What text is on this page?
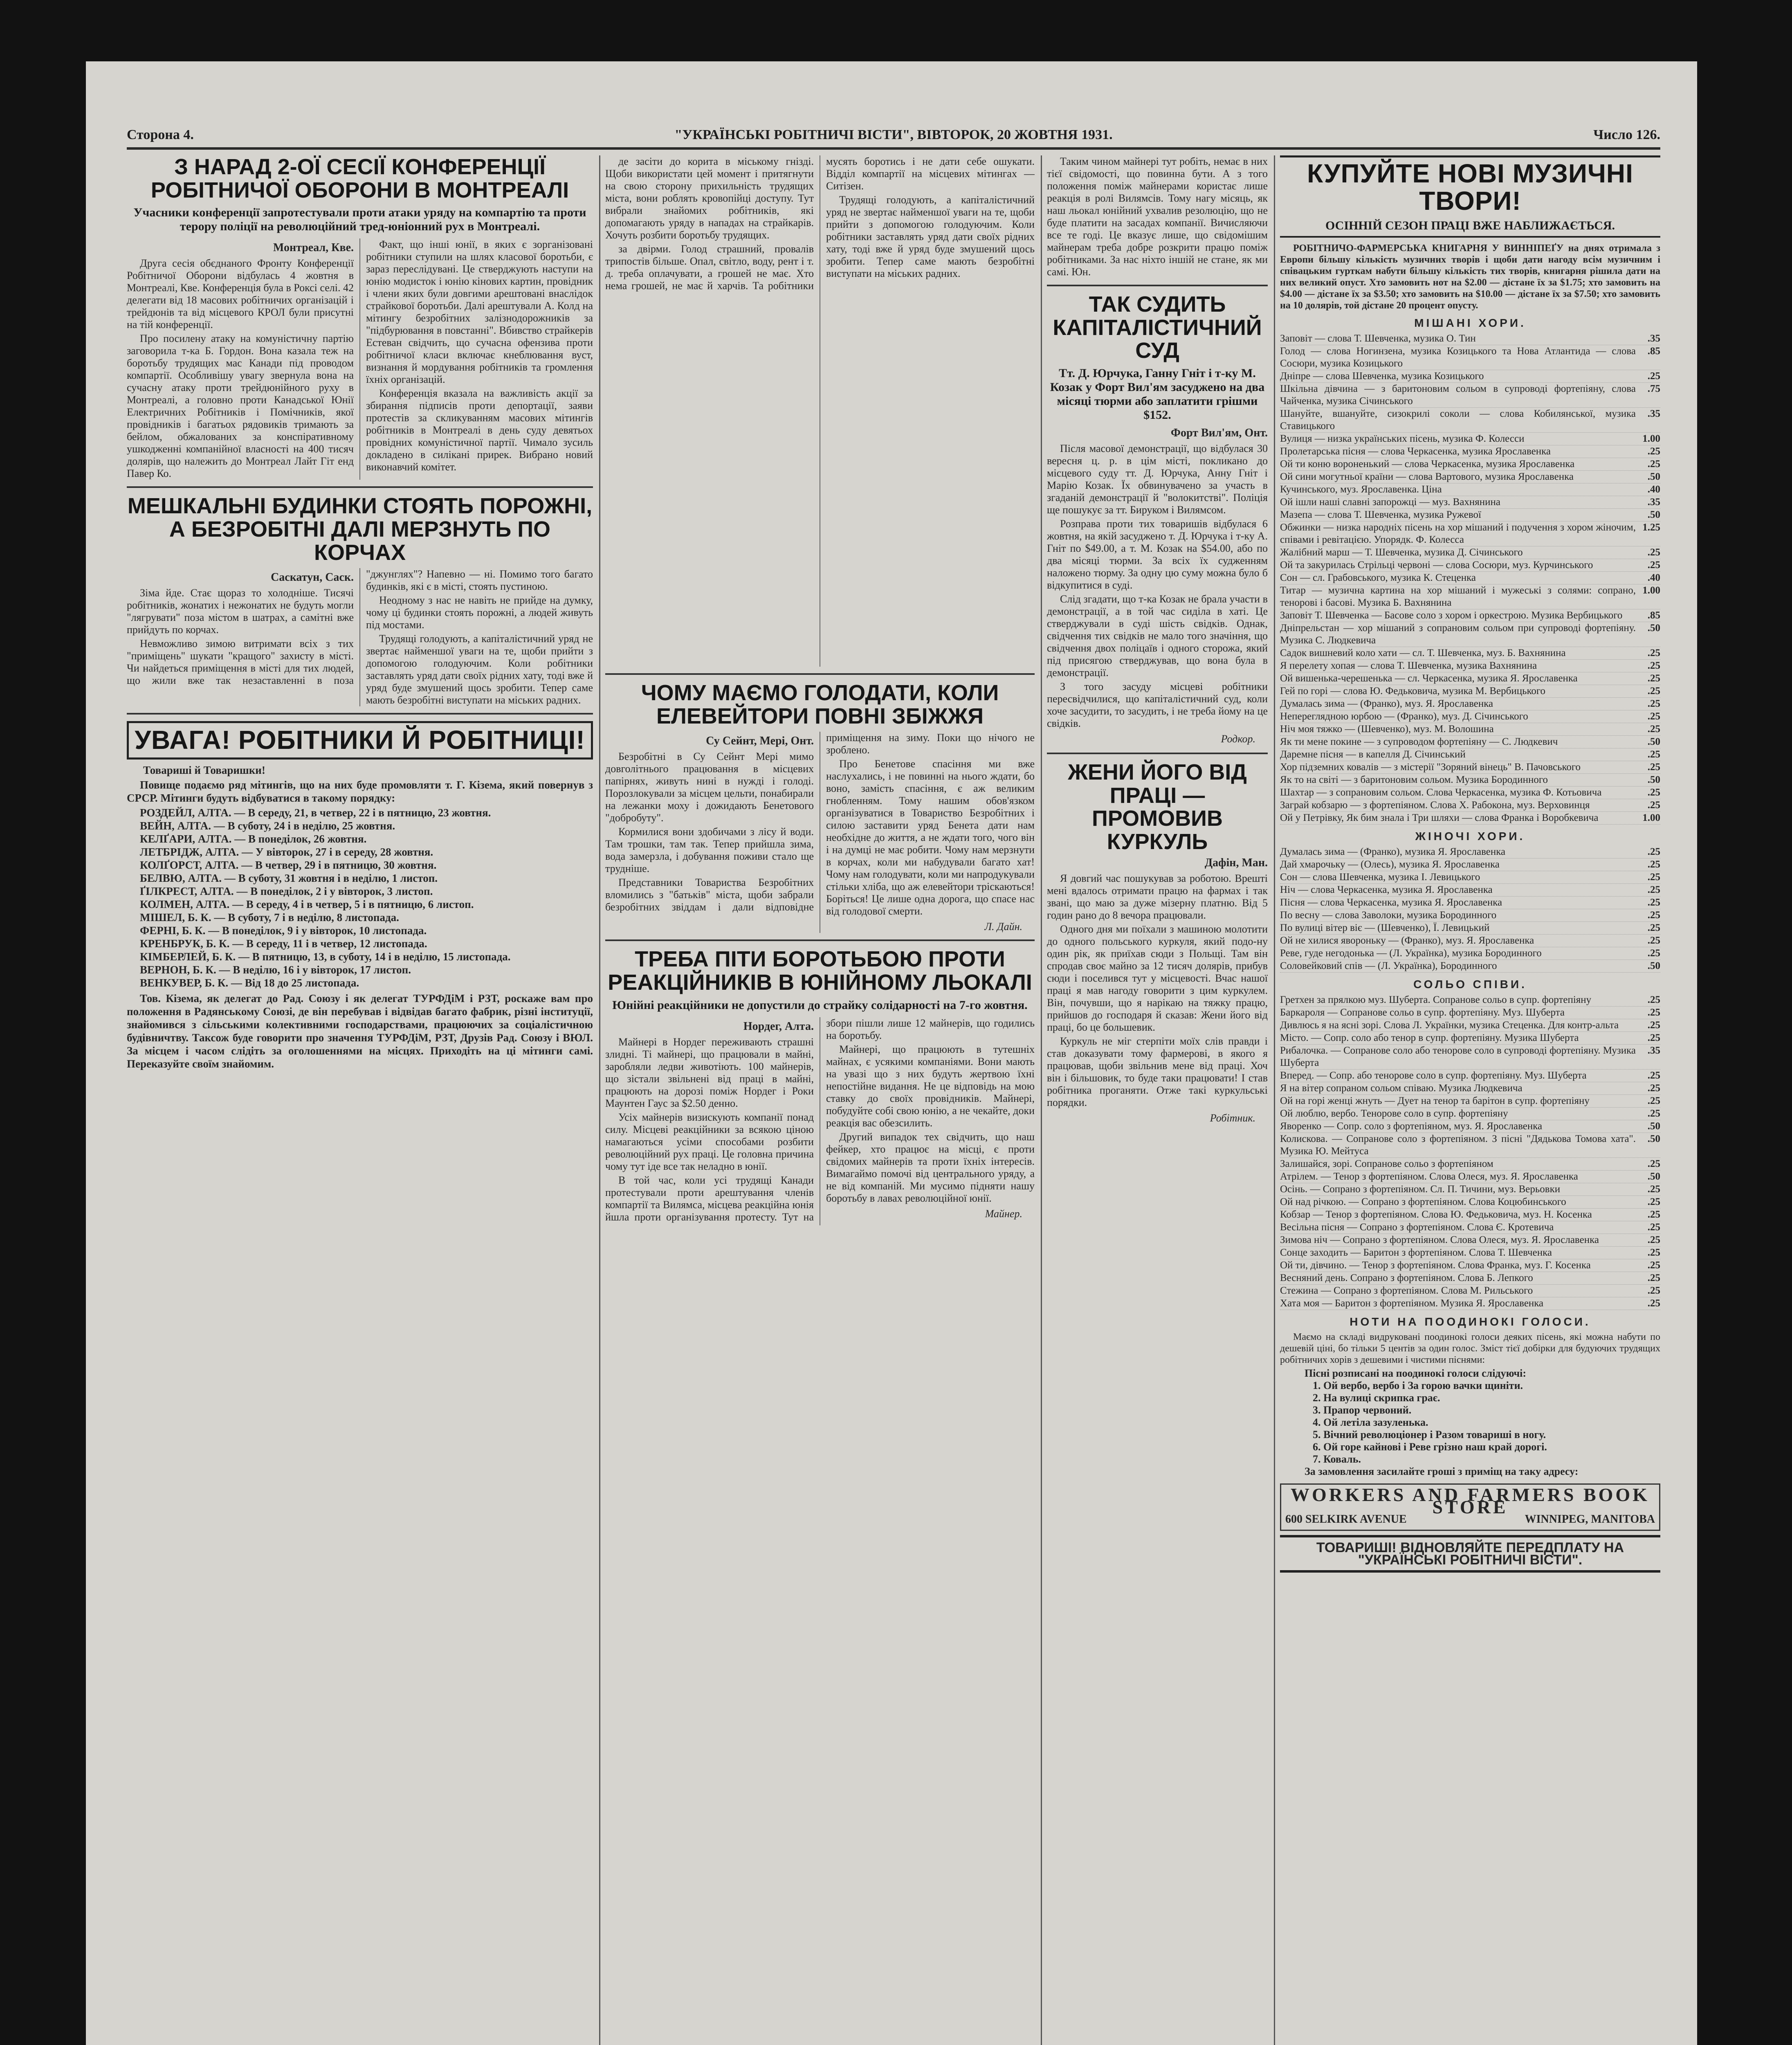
Сторона 4.	"УКРАЇНСЬКІ РОБІТНИЧІ ВІСТИ", ВІВТОРОК, 20 ЖОВТНЯ 1931.	Число 126.
З НАРАД 2-ОЇ СЕСІЇ КОНФЕРЕНЦІЇ РОБІТНИЧОЇ ОБОРОНИ В МОНТРЕАЛІ
Учасники конференції запротестували проти атаки уряду на компартію та проти терору поліції на революційний тред-юніонний рух в Монтреалі.
Монтреал, Кве.

Друга сесія обєднаного Фронту Конференції Робітничої Оборони відбулась 4 жовтня в Монтреалі, Кве. Конференція була в Роксі селі. 42 делегати від 18 масових робітничих організацій і трейдюнів та від місцевого КРОЛ були присутні на тій конференції.

Про посилену атаку на комуністичну партію заговорила т-ка Б. Гордон. Вона казала теж на боротьбу трудящих мас Канади під проводом компартії. Особливішу увагу звернула вона на сучасну атаку проти трейдюнійного руху в Монтреалі, а головно проти Канадської Юнії Електричних Робітників і Помічників, якої провідників і багатьох рядовиків тримають за бейлом, обжалованих за конспіративному ушкодженні компанійної власності на 400 тисяч долярів, що належить до Монтреал Лайт Гіт енд Павер Ко.

Факт, що інші юнії, в яких є зорганізовані робітники ступили на шлях класової боротьби, є зараз переслідувані. Це стверджують наступи на юнію модисток і юнію кінових картин, провідник і члени яких були довгими арештовані внаслідок страйкової боротьби. Далі арештували А. Колд на мітингу безробітних залізнодорожників за "підбурювання в повстанні". Вбивство страйкерів Естеван свідчить, що сучасна офензива проти робітничої класи включає кнеблювання вуст, визнання й мордування робітників та громлення їхніх організацій.

Конференція вказала на важливість акції за збирання підписів проти депортації, заяви протестів за скликуванням масових мітингів робітників в Монтреалі в день суду девятьох провідних комуністичної партії. Чимало зусиль докладено в силікані прирек. Вибрано новий виконавчий комітет.

МЕШКАЛЬНІ БУДИНКИ СТОЯТЬ ПОРОЖНІ, А БЕЗРОБІТНІ ДАЛІ МЕРЗНУТЬ ПО КОРЧАХ
Саскатун, Саск.

Зіма йде. Стає щораз то холодніше. Тисячі робітників, жонатих і нежонатих не будуть могли "лягрувати" поза містом в шатрах, а самітні вже прийдуть по корчах.

Невможливо зимою витримати всіх з тих "приміщень" шукати "кращого" захисту в місті. Чи найдеться приміщення в місті для тих людей, що жили вже так незаставленні в поза "джунглях"? Напевно — ні. Помимо того багато будинків, які є в місті, стоять пустиною.

Неодному з нас не навіть не прийде на думку, чому ці будинки стоять порожні, а людей живуть під мостами.

Трудящі голодують, а капіталістичний уряд не звертає найменшої уваги на те, щоби прийти з допомогою голодуючим. Коли робітники заставлять уряд дати своїх рідних хату, тоді вже й уряд буде змушений щось зробити. Тепер саме мають безробітні виступати на міських радних.

УВАГА! РОБІТНИКИ Й РОБІТНИЦІ!
Товариші й Товаришки!

Повище подаємо ряд мітингів, що на них буде промовляти т. Г. Кізема, який повернув з СРСР. Мітинги будуть відбуватися в такому порядку:

РОЗДЕЙЛ, АЛТА. — В середу, 21, в четвер, 22 і в пятницю, 23 жовтня.
ВЕЙН, АЛТА. — В суботу, 24 і в неділю, 25 жовтня.
КЕЛҐАРИ, АЛТА. — В понеділок, 26 жовтня.
ЛЕТБРІДЖ, АЛТА. — У вівторок, 27 і в середу, 28 жовтня.
КОЛҐОРСТ, АЛТА. — В четвер, 29 і в пятницю, 30 жовтня.
БЕЛВЮ, АЛТА. — В суботу, 31 жовтня і в неділю, 1 листоп.
ҐІЛКРЕСТ, АЛТА. — В понеділок, 2 і у вівторок, 3 листоп.
КОЛМЕН, АЛТА. — В середу, 4 і в четвер, 5 і в пятницю, 6 листоп.
МІШЕЛ, Б. К. — В суботу, 7 і в неділю, 8 листопада.
ФЕРНІ, Б. К. — В понеділок, 9 і у вівторок, 10 листопада.
КРЕНБРУК, Б. К. — В середу, 11 і в четвер, 12 листопада.
КІМБЕРЛЕЙ, Б. К. — В пятницю, 13, в суботу, 14 і в неділю, 15 листопада.
ВЕРНОН, Б. К. — В неділю, 16 і у вівторок, 17 листоп.
ВЕНКУВЕР, Б. К. — Від 18 до 25 листопада.

Тов. Кізема, як делегат до Рад. Союзу і як делегат ТУРФДіМ і РЗТ, роскаже вам про положення в Радянському Союзі, де він перебував і відвідав багато фабрик, різні інституції, знайомився з сільськими колективними господарствами, працюючих за соціалістичною будівничтву. Таксож буде говорити про значення ТУРФДіМ, РЗТ, Друзів Рад. Союзу і ВЮЛ. За місцем і часом слідіть за оголошеннями на місцях. Приходіть на ці мітинги самі. Переказуйте своїм знайомим.

де засіти до корита в міському гнізді. Щоби використати цей момент і притягнути на свою сторону прихильність трудящих міста, вони роблять кровопійці доступу. Тут вибрали знайомих робітників, які допомагають уряду в нападах на страйкарів. Хочуть розбити боротьбу трудящих.

за двірми. Голод страшний, провалів трипостів більше. Опал, світло, воду, рент і т. д. треба оплачувати, а грошей не має. Хто нема грошей, не має й харчів. Та робітники мусять боротись і не дати себе ошукати. Відділ компартії на місцевих мітингах — Ситізен.

Трудящі голодують, а капіталістичний уряд не звертає найменшої уваги на те, щоби прийти з допомогою голодуючим. Коли робітники заставлять уряд дати своїх рідних хату, тоді вже й уряд буде змушений щось зробити. Тепер саме мають безробітні виступати на міських радних.

ЧОМУ МАЄМО ГОЛОДАТИ, КОЛИ ЕЛЕВЕЙТОРИ ПОВНІ ЗБІЖЖЯ
Су Сейнт, Мері, Онт.

Безробітні в Су Сейнт Мері мимо довголітнього працювання в місцевих папірнях, живуть нині в нужді і голоді. Порозлокували за місцем цельти, понабирали на лежанки моху і дожидають Бенетового "добробуту".

Кормилися вони здобичами з лісу й води. Там трошки, там так. Тепер прийшла зима, вода замерзла, і добування поживи стало ще трудніше.

Представники Товариства Безробітних вломились з "батьків" міста, щоби забрали безробітних звіддам і дали відповідне приміщення на зиму. Поки що нічого не зроблено.

Про Бенетове спасіння ми вже наслухались, і не повинні на нього ждати, бо воно, замість спасіння, є аж великим гнобленням. Тому нашим обов'язком організуватися в Товариство Безробітних і силою заставити уряд Бенета дати нам необхідне до життя, а не ждати того, чого він і на думці не має робити. Чому нам мерзнути в корчах, коли ми набудували багато хат! Чому нам голодувати, коли ми напродукували стільки хліба, що аж елевейтори тріскаються! Боріться! Це лише одна дорога, що спасе нас від голодової смерти.

Л. Дайн.
ТРЕБА ПІТИ БОРОТЬБОЮ ПРОТИ РЕАКЦІЙНИКІВ В ЮНІЙНОМУ ЛЬОКАЛІ
Юнійні реакційники не допустили до страйку солідарності на 7-го жовтня.
Нордег, Алта.

Майнері в Нордег переживають страшні злидні. Ті майнері, що працювали в майні, заробляли ледви животіють. 100 майнерів, що зістали звільнені від праці в майні, працюють на дорозі поміж Нордег і Роки Маунтен Гаус за $2.50 денно.

Усіх майнерів визискують компанії понад силу. Місцеві реакційники за всякою ціною намагаються усіми способами розбити революційний рух праці. Це головна причина чому тут іде все так неладно в юнії.

В той час, коли усі трудящі Канади протестували проти арештування членів компартії та Вилямса, місцева реакційна юнія йшла проти організування протесту. Тут на збори пішли лише 12 майнерів, що годились на боротьбу.

Майнері, що працюють в тутешніх майнах, є усякими компаніями. Вони мають на увазі що з них будуть жертвою їхні непостійне видання. Не це відповідь на мою ставку до своїх провідників. Майнері, побудуйте собі свою юнію, а не чекайте, доки реакція вас обезсилить.

Другий випадок тех свідчить, що наш фейкер, хто працює на місці, є проти свідомих майнерів та проти їхніх інтересів. Вимагаймо помочі від центрального уряду, а не від компаній. Ми мусимо підняти нашу боротьбу в лавах революційної юнії.

Майнер.

Таким чином майнері тут робіть, немає в них тієї свідомості, що повинна бути. А з того положення поміж майнерами користає лише реакція в ролі Вилямсів. Тому нагу місяць, як наш льокал юнійний ухвалив резолюцію, що не буде платити на засадах компанії. Вичисляючи все те годі. Це вказує лише, що свідомішим майнерам треба добре розкрити працю поміж робітниками. За нас ніхто іншій не стане, як ми самі. Юн.

ТАК СУДИТЬ КАПІТАЛІСТИЧНИЙ СУД
Тт. Д. Юрчука, Ганну Гніт і т-ку М. Козак у Форт Вил'ям засуджено на два місяці тюрми або заплатити грішми $152.
Форт Вил'ям, Онт.

Після масової демонстрації, що відбулася 30 вересня ц. р. в цім місті, покликано до місцевого суду тт. Д. Юрчука, Анну Гніт і Марію Козак. Їх обвинувачено за участь в згаданій демонстрації й "волокитстві". Поліція ще пошукує за тт. Бируком і Вилямсом.

Розправа проти тих товаришів відбулася 6 жовтня, на якій засуджено т. Д. Юрчука і т-ку А. Гніт по $49.00, а т. М. Козак на $54.00, або по два місяці тюрми. За всіх їх судженням наложено тюрму. За одну цю суму можна було б відкупитися в суді.

Слід згадати, що т-ка Козак не брала участи в демонстрації, а в той час сиділа в хаті. Це стверджували в суді шість свідків. Однак, свідчення тих свідків не мало того значіння, що свідчення двох поліцаїв і одного сторожа, який під присягою стверджував, що вона була в демонстрації.

З того засуду місцеві робітники пересвідчилися, що капіталістичний суд, коли хоче засудити, то засудить, і не треба йому на це свідків.

Родкор.
ЖЕНИ ЙОГО ВІД ПРАЦІ — ПРОМОВИВ КУРКУЛЬ
Дафін, Ман.

Я довгий час пошукував за роботою. Врешті мені вдалось отримати працю на фармах і так звані, що маю за дуже мізерну платню. Від 5 годин рано до 8 вечора працювали.

Одного дня ми поїхали з машиною молотити до одного польського куркуля, який подо-ну один рік, як приїхав сюди з Польщі. Там він спродав своє майно за 12 тисяч долярів, прибув сюди і поселився тут у місцевості. Вчас нашої праці я мав нагоду говорити з цим куркулем. Він, почувши, що я нарікаю на тяжку працю, прийшов до господаря й сказав: Жени його від праці, бо це большевик.

Куркуль не міг стерпіти моїх слів правди і став доказувати тому фармерові, в якого я працював, щоби звільнив мене від праці. Хоч він і більшовик, то буде таки працювати! І став робітника проганяти. Отже такі куркульські порядки.

Робітник.
КУПУЙТЕ НОВІ МУЗИЧНІ ТВОРИ!
ОСІННІЙ СЕЗОН ПРАЦІ ВЖЕ НАБЛИЖАЄТЬСЯ.

РОБІТНИЧО-ФАРМЕРСЬКА КНИГАРНЯ У ВИННІПЕҐУ на днях отримала з Европи більшу кількість музичних творів і щоби дати нагоду всім музичним і співацьким гурткам набути більшу кількість тих творів, книгарня рішила дати на них великий опуст. Хто замовить нот на $2.00 — дістане їх за $1.75; хто замовить на $4.00 — дістане їх за $3.50; хто замовить на $10.00 — дістане їх за $7.50; хто замовить на 10 долярів, той дістане 20 процент опусту.

МІШАНІ ХОРИ.
Заповіт — слова Т. Шевченка, музика О. Тин	.35
Голод — слова Ногинзена, музика Козицького та Нова Атлантида — слова Сосюри, музика Козицького
.85
Дніпре — слова Шевченка, музика Козицького	.25
Шкільна дівчина — з баритоновим сольом в супроводі фортепіяну, слова Чайченка, музика Січинського
.75
Шануйте, вшануйте, сизокрилі соколи — слова Кобилянської, музика Ставицького
.35
Вулиця — низка українських пісень, музика Ф. Колесси	1.00
Пролетарська пісня — слова Черкасенка, музика Ярославенка	.25
Ой ти коню вороненький — слова Черкасенка, музика Ярославенка	.25
Ой сини могутньої країни — слова Вартового, музика Ярославенка	.50
Кучинського, муз. Ярославенка. Ціна	.40
Ой ішли наші славні запорожці — муз. Вахнянина	.35
Мазепа — слова Т. Шевченка, музика Ружевої	.50
Обжинки — низка народніх пісень на хор мішаний і подучення з хором жіночим, співами і ревітацією. Упорядк. Ф. Колесса
1.25
Жалібний марш — Т. Шевченка, музика Д. Січинського	.25
Ой та закурилась Стрільці червоні — слова Сосюри, муз. Курчинського	.25
Сон — сл. Грабовського, музика К. Стеценка	.40
Титар — музична картина на хор мішаний і мужеські з солями: сопрано, тенорові і басові. Музика Б. Вахнянина
1.00
Заповіт Т. Шевченка — Басове соло з хором і оркестрою. Музика Вербицького	.85
Дніпрельстан — хор мішаний з сопрановим сольом при супроводі фортепіяну. Музика С. Людкевича
.50
Садок вишневий коло хати — сл. Т. Шевченка, муз. Б. Вахнянина	.25
Я перелету хопая — слова Т. Шевченка, музика Вахнянина	.25
Ой вишенька-черешенька — сл. Черкасенка, музика Я. Ярославенка	.25
Гей по горі — слова Ю. Федьковича, музика М. Вербицького	.25
Думалась зима — (Франко), муз. Я. Ярославенка	.25
Непереглядною юрбою — (Франко), муз. Д. Січинського	.25
Ніч моя тяжко — (Шевченко), муз. М. Волошина	.25
Як ти мене покине — з супроводом фортепіяну — С. Людкевич	.50
Даремне пісня — в капелля Д. Січинський	.25
Хор підземних ковалів — з містерії "Зоряний вінець" В. Пачовського	.25
Як то на світі — з баритоновим сольом. Музика Бородинного	.50
Шахтар — з сопрановим сольом. Слова Черкасенка, музика Ф. Котьовича	.25
Заграй кобзарю — з фортепіяном. Слова Х. Рабокона, муз. Верховинця	.25
Ой у Петрівку, Як бим знала і Три шляхи — слова Франка і Воробкевича	1.00
ЖІНОЧІ ХОРИ.
Думалась зима — (Франко), музика Я. Ярославенка	.25
Дай хмарочьку — (Олесь), музика Я. Ярославенка	.25
Сон — слова Шевченка, музика І. Левицького	.25
Ніч — слова Черкасенка, музика Я. Ярославенка	.25
Пісня — слова Черкасенка, музика Я. Ярославенка	.25
По весну — слова Заволоки, музика Бородинного	.25
По вулиці вітер віє — (Шевченко), Ї. Левицький	.25
Ой не хилися явороньку — (Франко), муз. Я. Ярославенка	.25
Реве, гуде негодонька — (Л. Українка), музика Бородинного	.25
Соловейковий спів — (Л. Українка), Бородинного	.50
СОЛЬО СПІВИ.
Гретхен за прялкою муз. Шуберта. Сопранове сольо в супр. фортепіяну	.25
Баркароля — Сопранове сольо в супр. фортепіяну. Муз. Шуберта	.25
Дивлюсь я на ясні зорі. Слова Л. Українки, музика Стеценка. Для контр-альта	.25
Місто. — Сопр. соло або тенор в супр. фортепіяну. Музика Шуберта	.25
Рибалочка. — Сопранове соло або тенорове соло в супроводі фортепіяну. Музика Шуберта
.35
Вперед. — Сопр. або тенорове соло в супр. фортепіяну. Муз. Шуберта	.25
Я на вітер сопраном сольом співаю. Музика Людкевича	.25
Ой на горі женці жнуть — Дует на тенор та барітон в супр. фортепіяну	.25
Ой люблю, вербо. Тенорове соло в супр. фортепіяну	.25
Яворенко — Сопр. соло з фортепіяном, муз. Я. Ярославенка	.50
Колискова. — Сопранове соло з фортепіяном. З пісні "Дядькова Томова хата". Музика Ю. Мейтуса
.50
Залишайся, зорі. Сопранове сольо з фортепіяном	.25
Атрілем. — Тенор з фортепіяном. Слова Олеся, муз. Я. Ярославенка	.50
Осінь. — Сопрано з фортепіяном. Сл. П. Тичини, муз. Верьовки	.25
Ой над річкою. — Сопрано з фортепіяном. Слова Коцюбинського	.25
Кобзар — Тенор з фортепіяном. Слова Ю. Федьковича, муз. Н. Косенка	.25
Весільна пісня — Сопрано з фортепіяном. Слова Є. Кротевича	.25
Зимова ніч — Сопрано з фортепіяном. Слова Олеся, муз. Я. Ярославенка	.25
Сонце заходить — Баритон з фортепіяном. Слова Т. Шевченка	.25
Ой ти, дівчино. — Тенор з фортепіяном. Слова Франка, муз. Г. Косенка	.25
Весняний день. Сопрано з фортепіяном. Слова Б. Лепкого	.25
Стежина — Сопрано з фортепіяном. Слова М. Рильського	.25
Хата моя — Баритон з фортепіяном. Музика Я. Ярославенка	.25
НОТИ НА ПООДИНОКІ ГОЛОСИ.

Маємо на складі видруковані поодинокі голоси деяких пісень, які можна набути по дешевій ціні, бо тільки 5 центів за один голос. Зміст тієї добірки для будуючих трудящих робітничих хорів з дешевими і чистими піснями:

Пісні розписані на поодинокі голоси слідуючі:
1. Ой вербо, вербо і За горою вачки щиніти.
2. На вулиці скрипка грає.
3. Прапор червоний.
4. Ой летіла зазуленька.
5. Вічний революціонер і Разом товариші в ногу.
6. Ой горе кайнові і Реве грізно наш край дорогі.
7. Коваль.
За замовлення засилайте гроші з приміщ на таку адресу:
WORKERS AND FARMERS BOOK STORE
600 SELKIRK AVENUE	WINNIPEG, MANITOBA
ТОВАРИШІ! ВІДНОВЛЯЙТЕ ПЕРЕДПЛАТУ НА "УКРАЇНСЬКІ РОБІТНИЧІ ВІСТИ".
